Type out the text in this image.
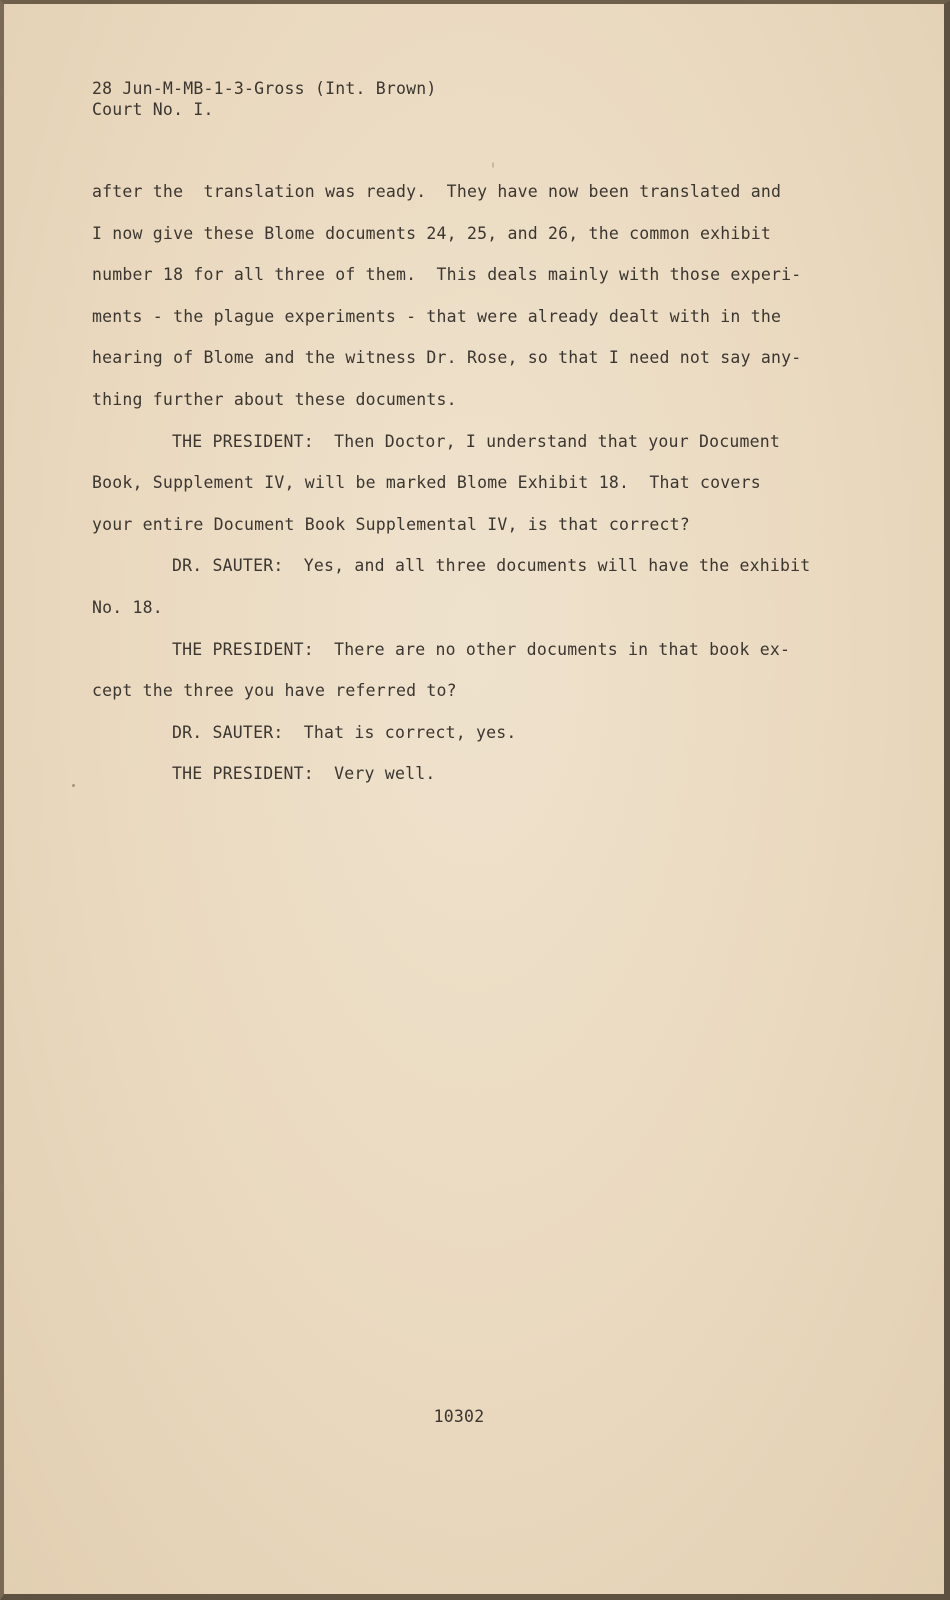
28 Jun-M-MB-1-3-Gross (Int. Brown)
Court No. I.
after the  translation was ready.  They have now been translated and
I now give these Blome documents 24, 25, and 26, the common exhibit
number 18 for all three of them.  This deals mainly with those experi-
ments - the plague experiments - that were already dealt with in the
hearing of Blome and the witness Dr. Rose, so that I need not say any-
thing further about these documents.
THE PRESIDENT:  Then Doctor, I understand that your Document
Book, Supplement IV, will be marked Blome Exhibit 18.  That covers
your entire Document Book Supplemental IV, is that correct?
DR. SAUTER:  Yes, and all three documents will have the exhibit
No. 18.
THE PRESIDENT:  There are no other documents in that book ex-
cept the three you have referred to?
DR. SAUTER:  That is correct, yes.
THE PRESIDENT:  Very well.
10302
